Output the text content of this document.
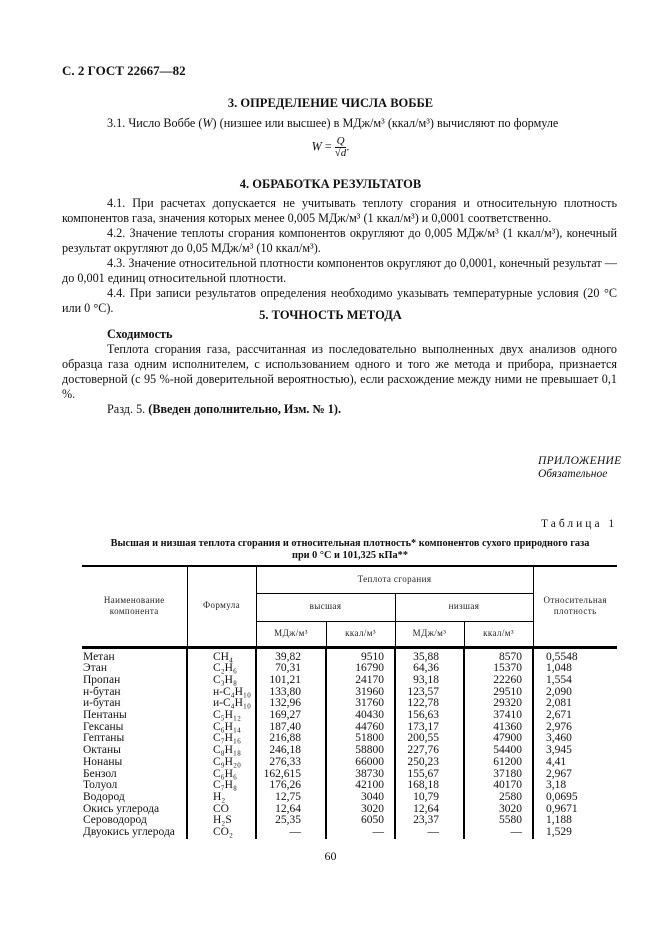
С. 2 ГОСТ 22667—82
3. ОПРЕДЕЛЕНИЕ ЧИСЛА ВОББЕ

3.1. Число Воббе (W) (низшее или высшее) в МДж/м³ (ккал/м³) вычисляют по формуле

$W = \frac{Q}{√d}$ .
4. ОБРАБОТКА РЕЗУЛЬТАТОВ

4.1. При расчетах допускается не учитывать теплоту сгорания и относительную плотность компонентов газа, значения которых менее 0,005 МДж/м³ (1 ккал/м³) и 0,0001 соответственно.

4.2. Значение теплоты сгорания компонентов округляют до 0,005 МДж/м³ (1 ккал/м³), конечный результат округляют до 0,05 МДж/м³ (10 ккал/м³).

4.3. Значение относительной плотности компонентов округляют до 0,0001, конечный результат — до 0,001 единиц относительной плотности.

4.4. При записи результатов определения необходимо указывать температурные условия (20 °С или 0 °С).	5. ТОЧНОСТЬ МЕТОДА

Сходимость

Теплота сгорания газа, рассчитанная из последовательно выполненных двух анализов одного образца газа одним исполнителем, с использованием одного и того же метода и прибора, признается достоверной (с 95 %-ной доверительной вероятностью), если расхождение между ними не превышает 0,1 %.

Разд. 5. (Введен дополнительно, Изм. № 1).

ПРИЛОЖЕНИЕ
Обязательное
Таблица 1
Высшая и низшая теплота сгорания и относительная плотность* компонентов сухого природного газа
при 0 °С и 101,325 кПа**
Наименование компонента	Формула	Теплота сгорания				Относительная плотность
		высшая		низшая		
		МДж/м³	ккал/м³	МДж/м³	ккал/м³	
Метан	CH₄	39,82	9510	35,88	8570	0,5548
Этан	C₂H₆	70,31	16790	64,36	15370	1,048
Пропан	C₃H₈	101,21	24170	93,18	22260	1,554
н-бутан	н-C₄H₁₀	133,80	31960	123,57	29510	2,090
и-бутан	и-C₄H₁₀	132,96	31760	122,78	29320	2,081
Пентаны	C₅H₁₂	169,27	40430	156,63	37410	2,671
Гексаны	C₆H₁₄	187,40	44760	173,17	41360	2,976
Гептаны	C₇H₁₆	216,88	51800	200,55	47900	3,460
Октаны	C₈H₁₈	246,18	58800	227,76	54400	3,945
Нонаны	C₉H₂₀	276,33	66000	250,23	61200	4,41
Бензол	C₆H₆	162,615	38730	155,67	37180	2,967
Толуол	C₇H₈	176,26	42100	168,18	40170	3,18
Водород	H₂	12,75	3040	10,79	2580	0,0695
Окись углерода	CO	12,64	3020	12,64	3020	0,9671
Сероводород	H₂S	25,35	6050	23,37	5580	1,188
Двуокись углерода	CO₂	—	—	—	—	1,529
60
